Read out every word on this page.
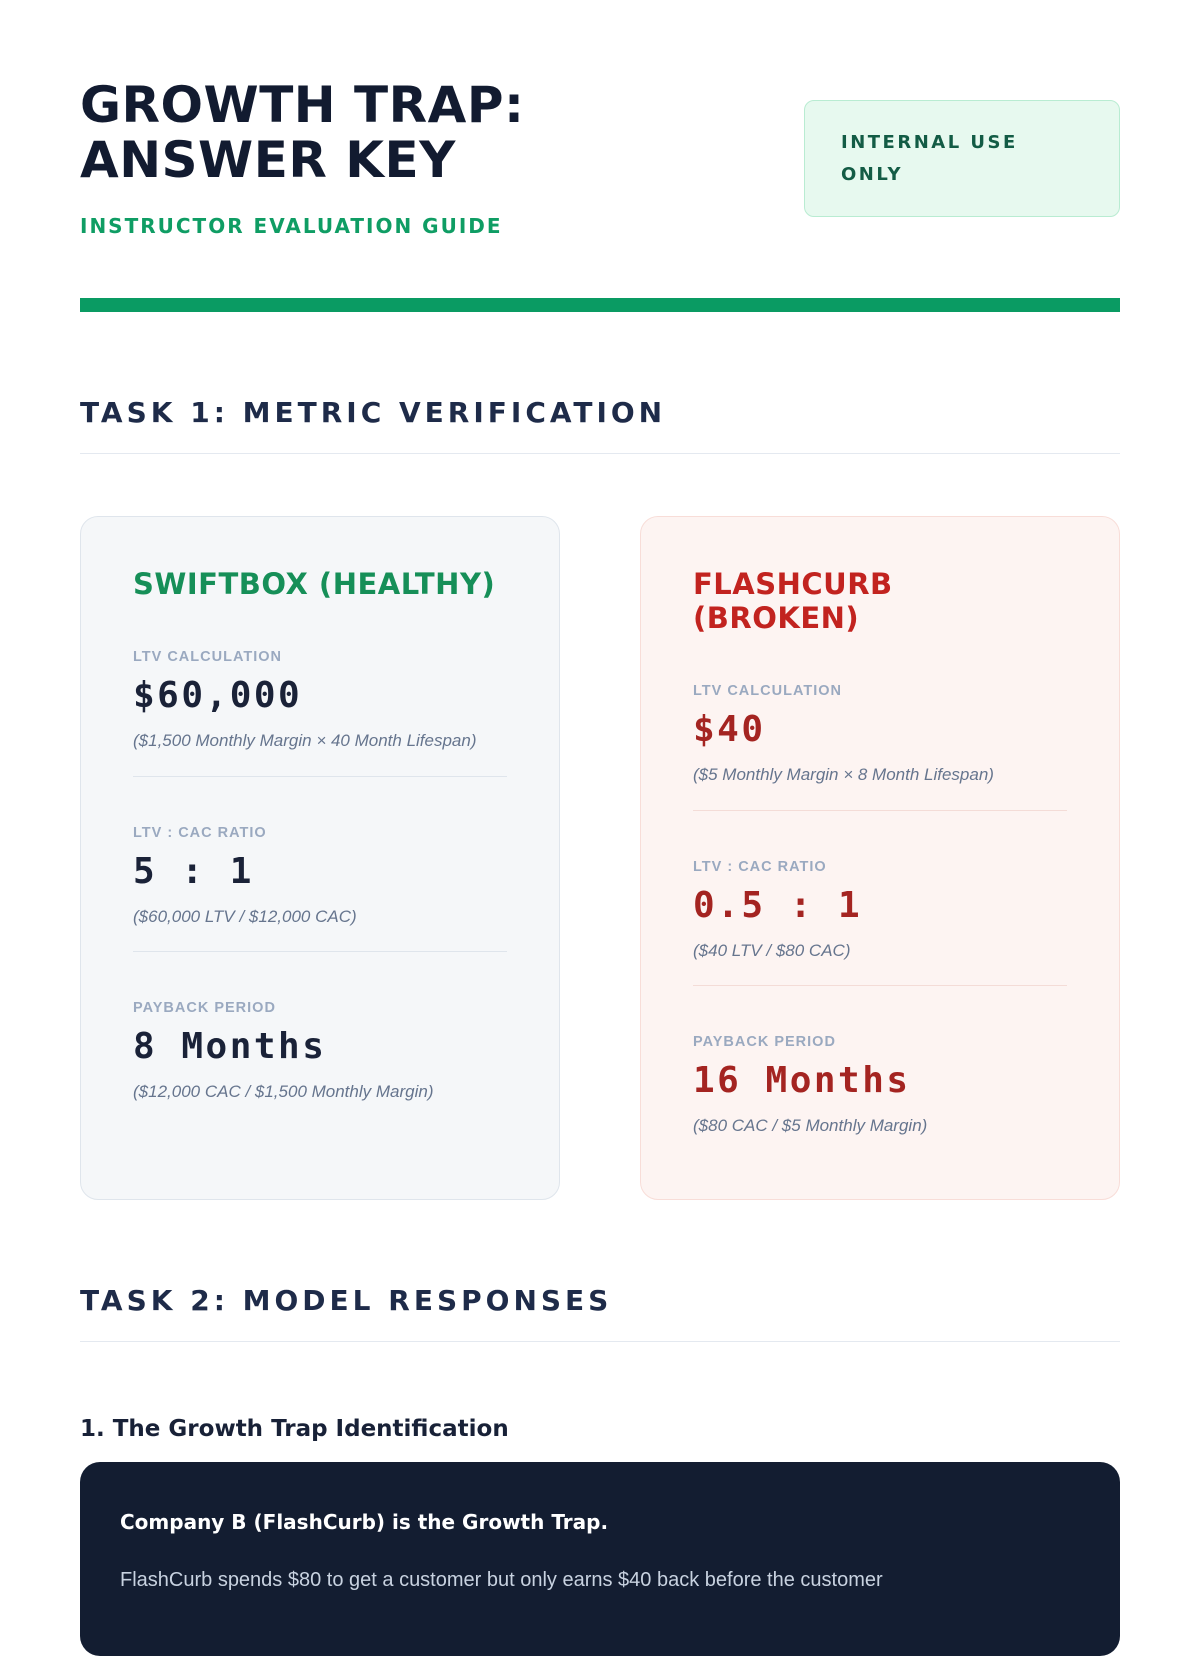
GROWTH TRAP: ANSWER KEY
INSTRUCTOR EVALUATION GUIDE
INTERNAL USE ONLY
TASK 1: METRIC VERIFICATION
SWIFTBOX (HEALTHY)
LTV CALCULATION
$60,000
($1,500 Monthly Margin × 40 Month Lifespan)
LTV : CAC RATIO
5 : 1
($60,000 LTV / $12,000 CAC)
PAYBACK PERIOD
8 Months
($12,000 CAC / $1,500 Monthly Margin)
FLASHCURB (BROKEN)
LTV CALCULATION
$40
($5 Monthly Margin × 8 Month Lifespan)
LTV : CAC RATIO
0.5 : 1
($40 LTV / $80 CAC)
PAYBACK PERIOD
16 Months
($80 CAC / $5 Monthly Margin)
TASK 2: MODEL RESPONSES
1. The Growth Trap Identification
Company B (FlashCurb) is the Growth Trap.
FlashCurb spends $80 to get a customer but only earns $40 back before the customer
